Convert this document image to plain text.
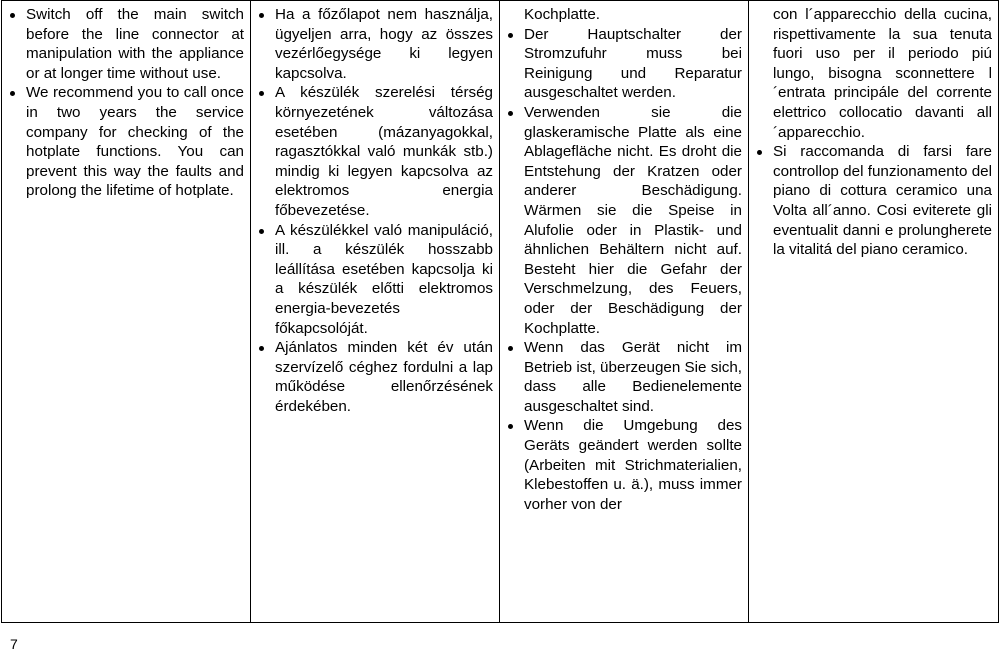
Switch off the main switch before the line connector at manipulation with the appliance or at longer time without use.
We recommend you to call once in two years the service company for checking of the hotplate functions. You can prevent this way the faults and prolong the lifetime of hotplate.

Ha a főzőlapot nem használja, ügyeljen arra, hogy az összes vezérlőegysége ki legyen kapcsolva.
A készülék szerelési térség környezetének változása esetében (mázanyagokkal, ragasztókkal való munkák stb.) mindig ki legyen kapcsolva az elektromos energia főbevezetése.
A készülékkel való manipuláció, ill. a készülék hosszabb leállítása esetében kapcsolja ki a készülék előtti elektromos energia-bevezetés főkapcsolóját.
Ajánlatos minden két év után szervízelő céghez fordulni a lap működése ellenőrzésének érdekében.

Kochplatte.
Der Hauptschalter der Stromzufuhr muss bei Reinigung und Reparatur ausgeschaltet werden.
Verwenden sie die glaskeramische Platte als eine Ablagefläche nicht. Es droht die Entstehung der Kratzen oder anderer Beschädigung. Wärmen sie die Speise in Alufolie oder in Plastik- und ähnlichen Behältern nicht auf. Besteht hier die Gefahr der Verschmelzung, des Feuers, oder der Beschädigung der Kochplatte.
Wenn das Gerät nicht im Betrieb ist, überzeugen Sie sich, dass alle Bedienelemente ausgeschaltet sind.
Wenn die Umgebung des Geräts geändert werden sollte (Arbeiten mit Strichmaterialien, Klebestoffen u. ä.), muss immer vorher von der

con l´apparecchio della cucina, rispettivamente la sua tenuta fuori uso per il periodo piú lungo, bisogna sconnettere l´entrata principále del corrente elettrico collocatio davanti all´apparecchio.
Si raccomanda di farsi fare controllop del funzionamento del piano di cottura ceramico una Volta all´anno. Cosi eviterete gli eventualit danni e prolungherete la vitalitá del piano ceramico.
7
